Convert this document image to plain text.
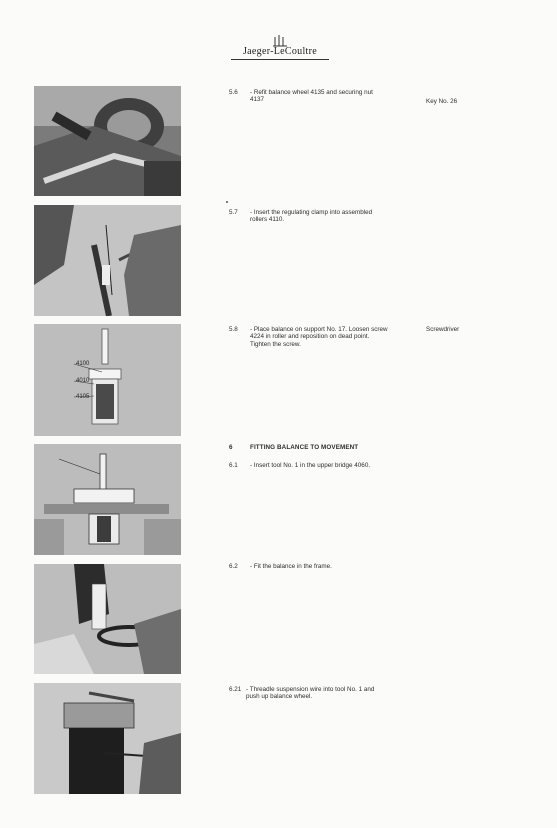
Jaeger-LeCoultre
4100
4010
4105
5.6	- Refit balance wheel 4135 and securing nut 4137	Key No. 26
5.7	- Insert the regulating clamp into assembled rollers 4110.
5.8	- Place balance on support No. 17. Loosen screw 4224 in roller and reposition on dead point. Tighten the screw.
Screwdriver
6	FITTING BALANCE TO MOVEMENT
6.1	- Insert tool No. 1 in the upper bridge 4060.
6.2	- Fit the balance in the frame.
6.21 - Threadle suspension wire into tool No. 1 and push up balance wheel.
